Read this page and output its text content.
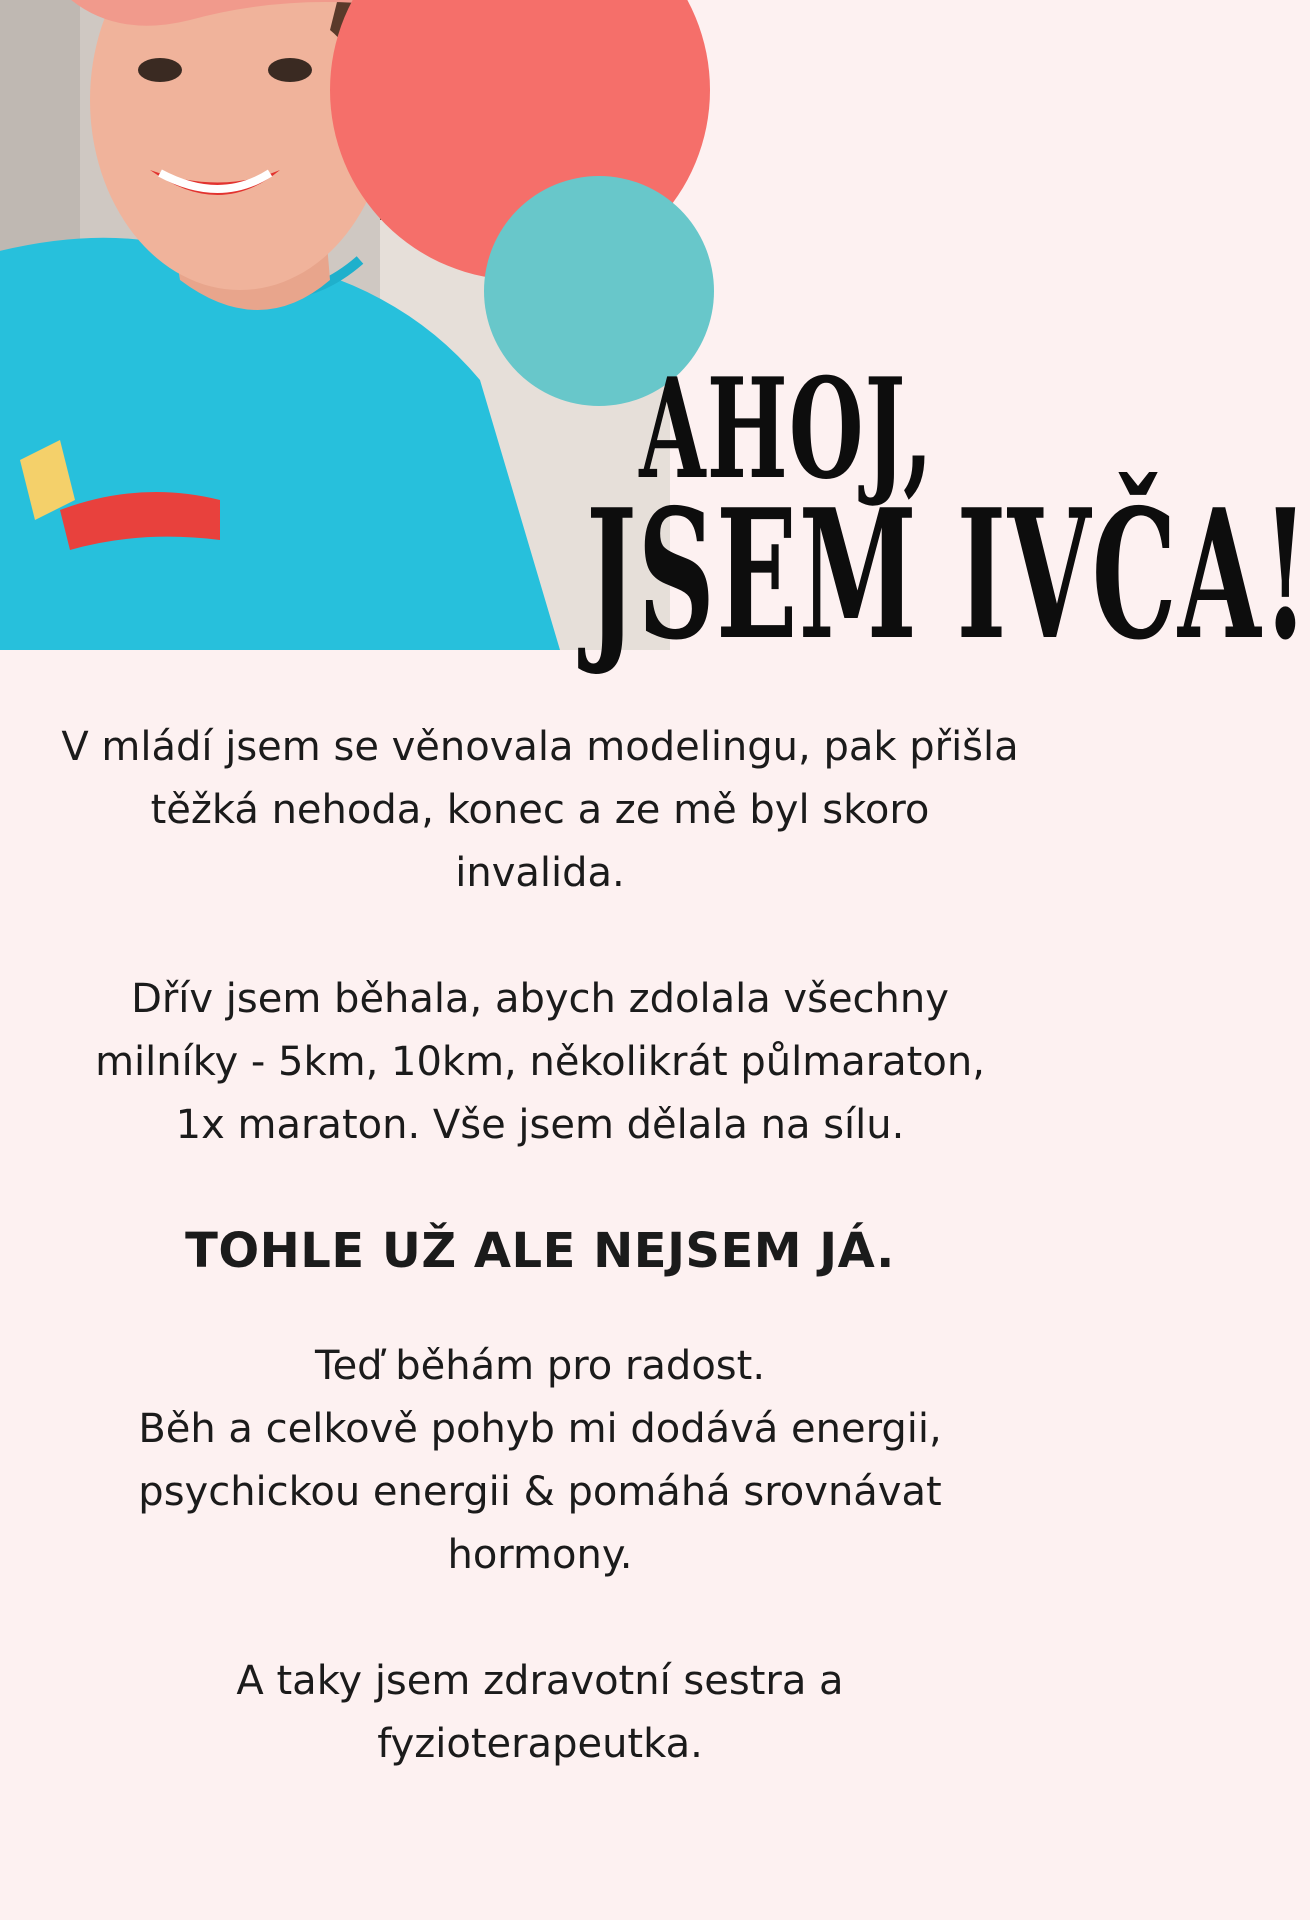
AHOJ,
JSEM IVČA!

V mládí jsem se věnovala modelingu, pak přišla těžká nehoda, konec a ze mě byl skoro invalida.

Dřív jsem běhala, abych zdolala všechny
milníky - 5km, 10km, několikrát půlmaraton,
1x maraton. Vše jsem dělala na sílu.

TOHLE UŽ ALE NEJSEM JÁ.

Teď běhám pro radost.
Běh a celkově pohyb mi dodává energii,
psychickou energii & pomáhá srovnávat
hormony.

A taky jsem zdravotní sestra a
fyzioterapeutka.
